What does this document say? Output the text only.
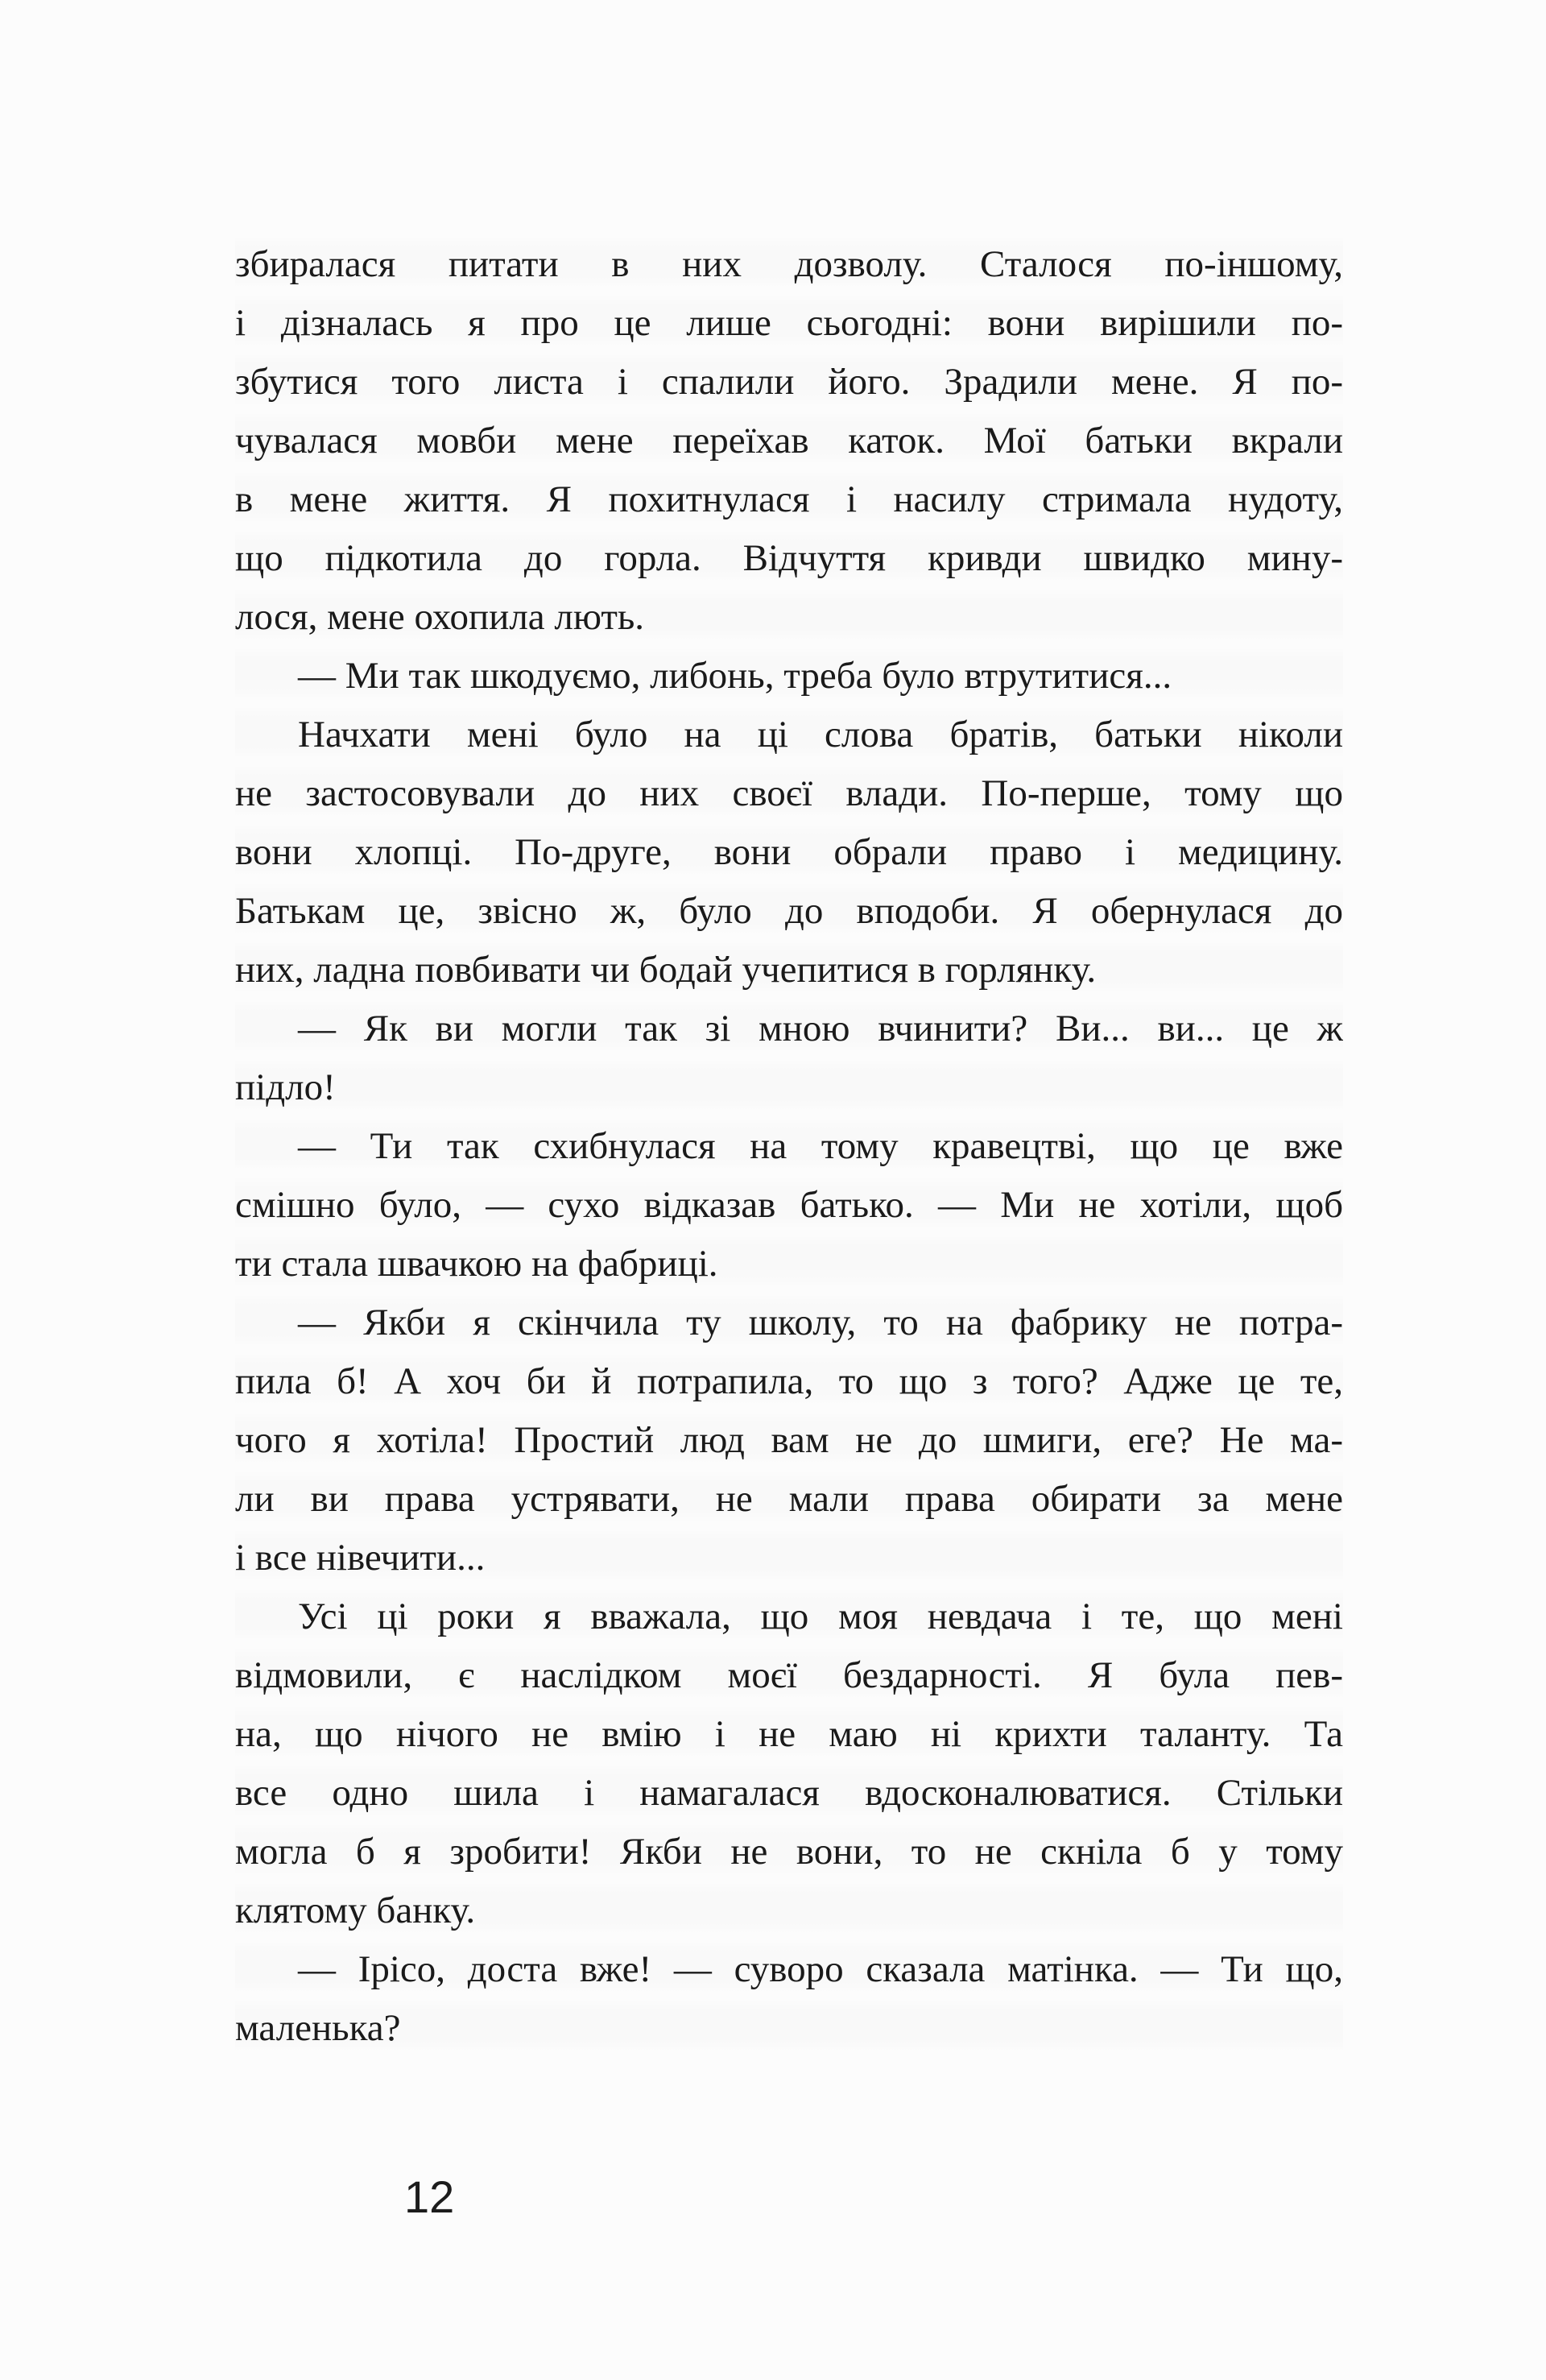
збиралася питати в них дозволу. Сталося по-іншому,
і дізналась я про це лише сьогодні: вони вирішили по-
збутися того листа і спалили його. Зрадили мене. Я по-
чувалася мовби мене переїхав каток. Мої батьки вкрали
в мене життя. Я похитнулася і насилу стримала нудоту,
що підкотила до горла. Відчуття кривди швидко мину-
лося, мене охопила лють.

— Ми так шкодуємо, либонь, треба було втрутитися...

Начхати мені було на ці слова братів, батьки ніколи
не застосовували до них своєї влади. По-перше, тому що
вони хлопці. По-друге, вони обрали право і медицину.
Батькам це, звісно ж, було до вподоби. Я обернулася до
них, ладна повбивати чи бодай учепитися в горлянку.

— Як ви могли так зі мною вчинити? Ви... ви... це ж
підло!

— Ти так схибнулася на тому кравецтві, що це вже
смішно було, — сухо відказав батько. — Ми не хотіли, щоб
ти стала швачкою на фабриці.

— Якби я скінчила ту школу, то на фабрику не потра-
пила б! А хоч би й потрапила, то що з того? Адже це те,
чого я хотіла! Простий люд вам не до шмиги, еге? Не ма-
ли ви права устрявати, не мали права обирати за мене
і все нівечити...

Усі ці роки я вважала, що моя невдача і те, що мені
відмовили, є наслідком моєї бездарності. Я була пев-
на, що нічого не вмію і не маю ні крихти таланту. Та
все одно шила і намагалася вдосконалюватися. Стільки
могла б я зробити! Якби не вони, то не скніла б у тому
клятому банку.

— Ірісо, доста вже! — суворо сказала матінка. — Ти що,
маленька?

12
